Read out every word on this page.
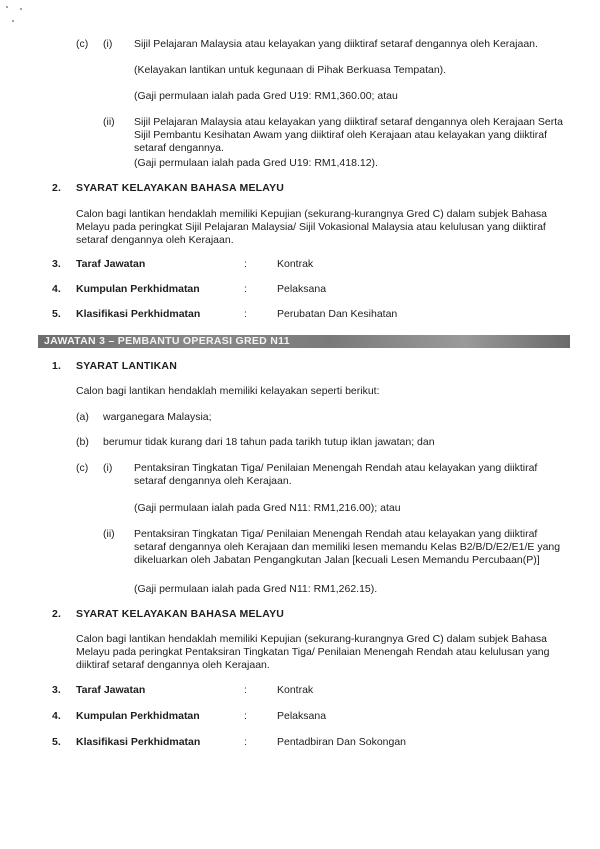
(c) (i) Sijil Pelajaran Malaysia atau kelayakan yang diiktiraf setaraf dengannya oleh Kerajaan.
(Kelayakan lantikan untuk kegunaan di Pihak Berkuasa Tempatan).
(Gaji permulaan ialah pada Gred U19: RM1,360.00; atau
(ii) Sijil Pelajaran Malaysia atau kelayakan yang diiktiraf setaraf dengannya oleh Kerajaan Serta Sijil Pembantu Kesihatan Awam yang diiktiraf oleh Kerajaan atau kelayakan yang diiktiraf setaraf dengannya.
(Gaji permulaan ialah pada Gred U19: RM1,418.12).
2. SYARAT KELAYAKAN BAHASA MELAYU
Calon bagi lantikan hendaklah memiliki Kepujian (sekurang-kurangnya Gred C) dalam subjek Bahasa Melayu pada peringkat Sijil Pelajaran Malaysia/ Sijil Vokasional Malaysia atau kelulusan yang diiktiraf setaraf dengannya oleh Kerajaan.
3. Taraf Jawatan	:	Kontrak
4. Kumpulan Perkhidmatan	:	Pelaksana
5. Klasifikasi Perkhidmatan	:	Perubatan Dan Kesihatan
JAWATAN 3 – PEMBANTU OPERASI GRED N11
1. SYARAT LANTIKAN
Calon bagi lantikan hendaklah memiliki kelayakan seperti berikut:
(a) warganegara Malaysia;
(b) berumur tidak kurang dari 18 tahun pada tarikh tutup iklan jawatan; dan
(c) (i) Pentaksiran Tingkatan Tiga/ Penilaian Menengah Rendah atau kelayakan yang diiktiraf setaraf dengannya oleh Kerajaan.
(Gaji permulaan ialah pada Gred N11: RM1,216.00); atau
(ii) Pentaksiran Tingkatan Tiga/ Penilaian Menengah Rendah atau kelayakan yang diiktiraf setaraf dengannya oleh Kerajaan dan memiliki lesen memandu Kelas B2/B/D/E2/E1/E yang dikeluarkan oleh Jabatan Pengangkutan Jalan [kecuali Lesen Memandu Percubaan(P)]
(Gaji permulaan ialah pada Gred N11: RM1,262.15).
2. SYARAT KELAYAKAN BAHASA MELAYU
Calon bagi lantikan hendaklah memiliki Kepujian (sekurang-kurangnya Gred C) dalam subjek Bahasa Melayu pada peringkat Pentaksiran Tingkatan Tiga/ Penilaian Menengah Rendah atau kelulusan yang diiktiraf setaraf dengannya oleh Kerajaan.
3. Taraf Jawatan	:	Kontrak
4. Kumpulan Perkhidmatan	:	Pelaksana
5. Klasifikasi Perkhidmatan	:	Pentadbiran Dan Sokongan
